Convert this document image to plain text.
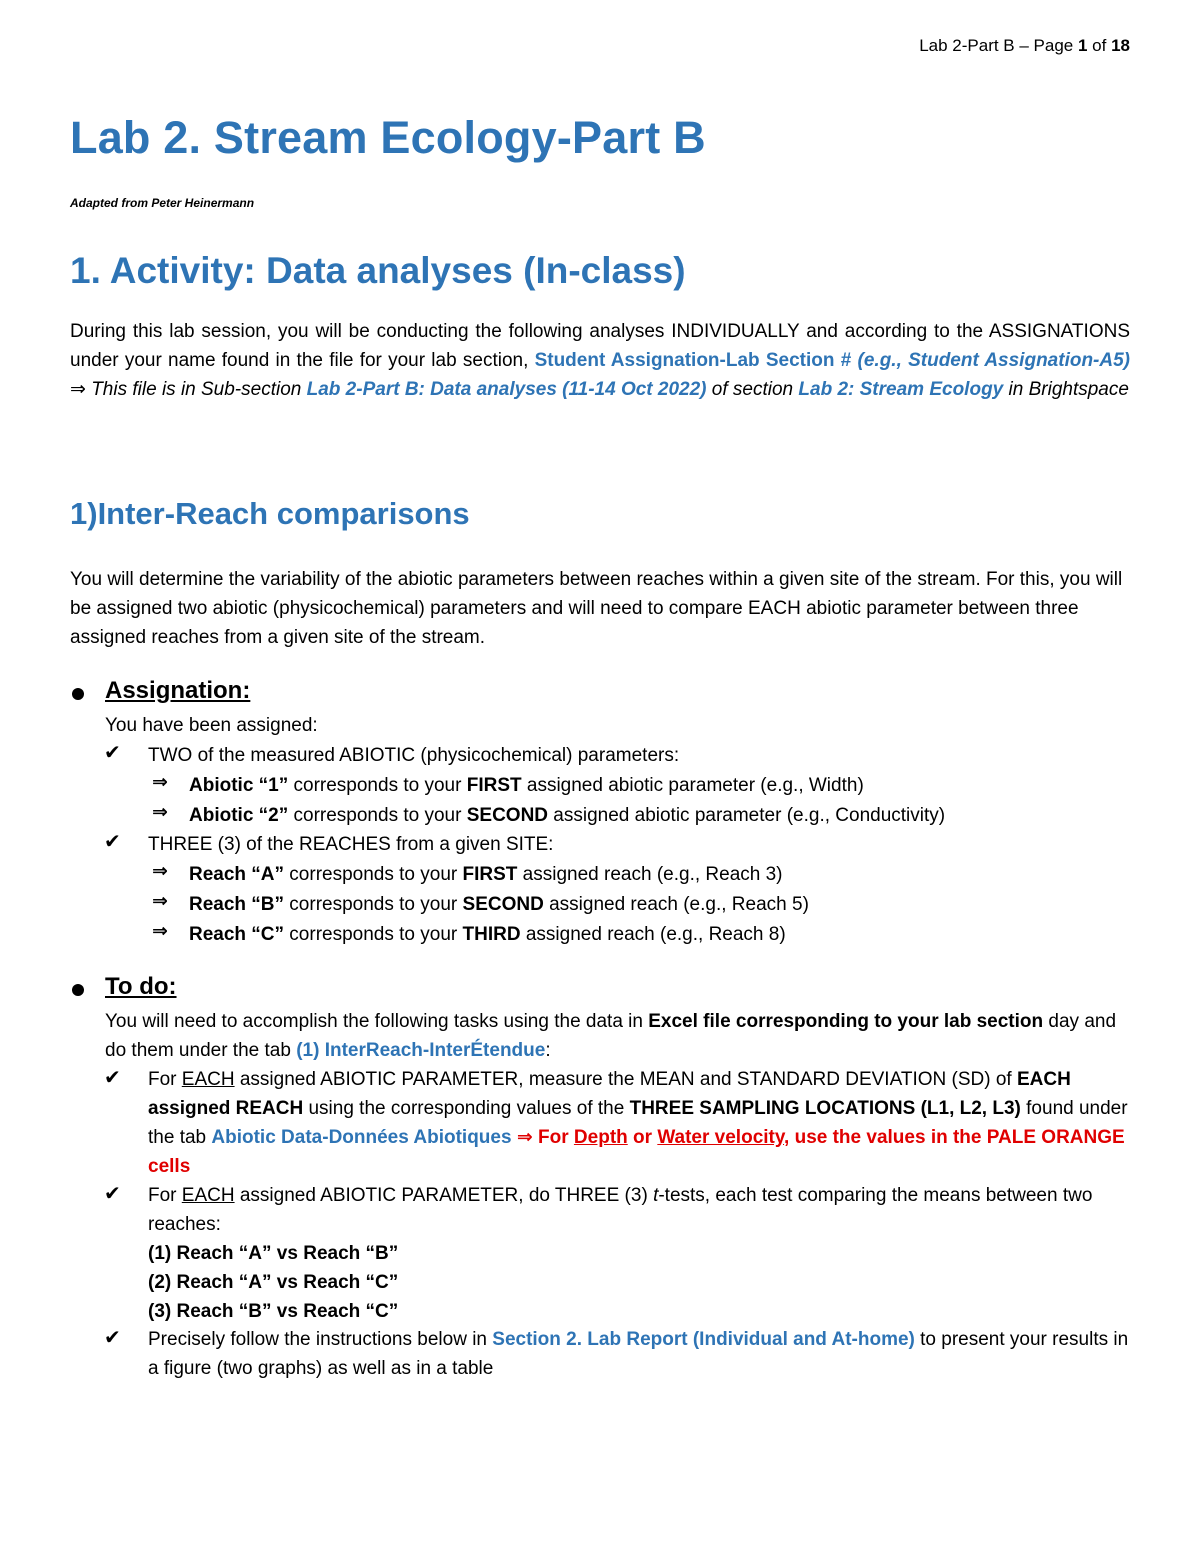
Lab 2-Part B – Page 1 of 18
Lab 2. Stream Ecology-Part B
Adapted from Peter Heinermann
1. Activity: Data analyses (In-class)
During this lab session, you will be conducting the following analyses INDIVIDUALLY and according to the ASSIGNATIONS under your name found in the file for your lab section, Student Assignation-Lab Section # (e.g., Student Assignation-A5) ⇒ This file is in Sub-section Lab 2-Part B: Data analyses (11-14 Oct 2022) of section Lab 2: Stream Ecology in Brightspace
1)Inter-Reach comparisons
You will determine the variability of the abiotic parameters between reaches within a given site of the stream. For this, you will be assigned two abiotic (physicochemical) parameters and will need to compare EACH abiotic parameter between three assigned reaches from a given site of the stream.
Assignation:
You have been assigned:
✔ TWO of the measured ABIOTIC (physicochemical) parameters:
⇒ Abiotic “1” corresponds to your FIRST assigned abiotic parameter (e.g., Width)
⇒ Abiotic “2” corresponds to your SECOND assigned abiotic parameter (e.g., Conductivity)
✔ THREE (3) of the REACHES from a given SITE:
⇒ Reach “A” corresponds to your FIRST assigned reach (e.g., Reach 3)
⇒ Reach “B” corresponds to your SECOND assigned reach (e.g., Reach 5)
⇒ Reach “C” corresponds to your THIRD assigned reach (e.g., Reach 8)
To do:
You will need to accomplish the following tasks using the data in Excel file corresponding to your lab section day and do them under the tab (1) InterReach-InterÉtendue:
✔ For EACH assigned ABIOTIC PARAMETER, measure the MEAN and STANDARD DEVIATION (SD) of EACH assigned REACH using the corresponding values of the THREE SAMPLING LOCATIONS (L1, L2, L3) found under the tab Abiotic Data-Données Abiotiques ⇒ For Depth or Water velocity, use the values in the PALE ORANGE cells
✔ For EACH assigned ABIOTIC PARAMETER, do THREE (3) t-tests, each test comparing the means between two reaches:
(1) Reach “A” vs Reach “B”
(2) Reach “A” vs Reach “C”
(3) Reach “B” vs Reach “C”
✔ Precisely follow the instructions below in Section 2. Lab Report (Individual and At-home) to present your results in a figure (two graphs) as well as in a table
